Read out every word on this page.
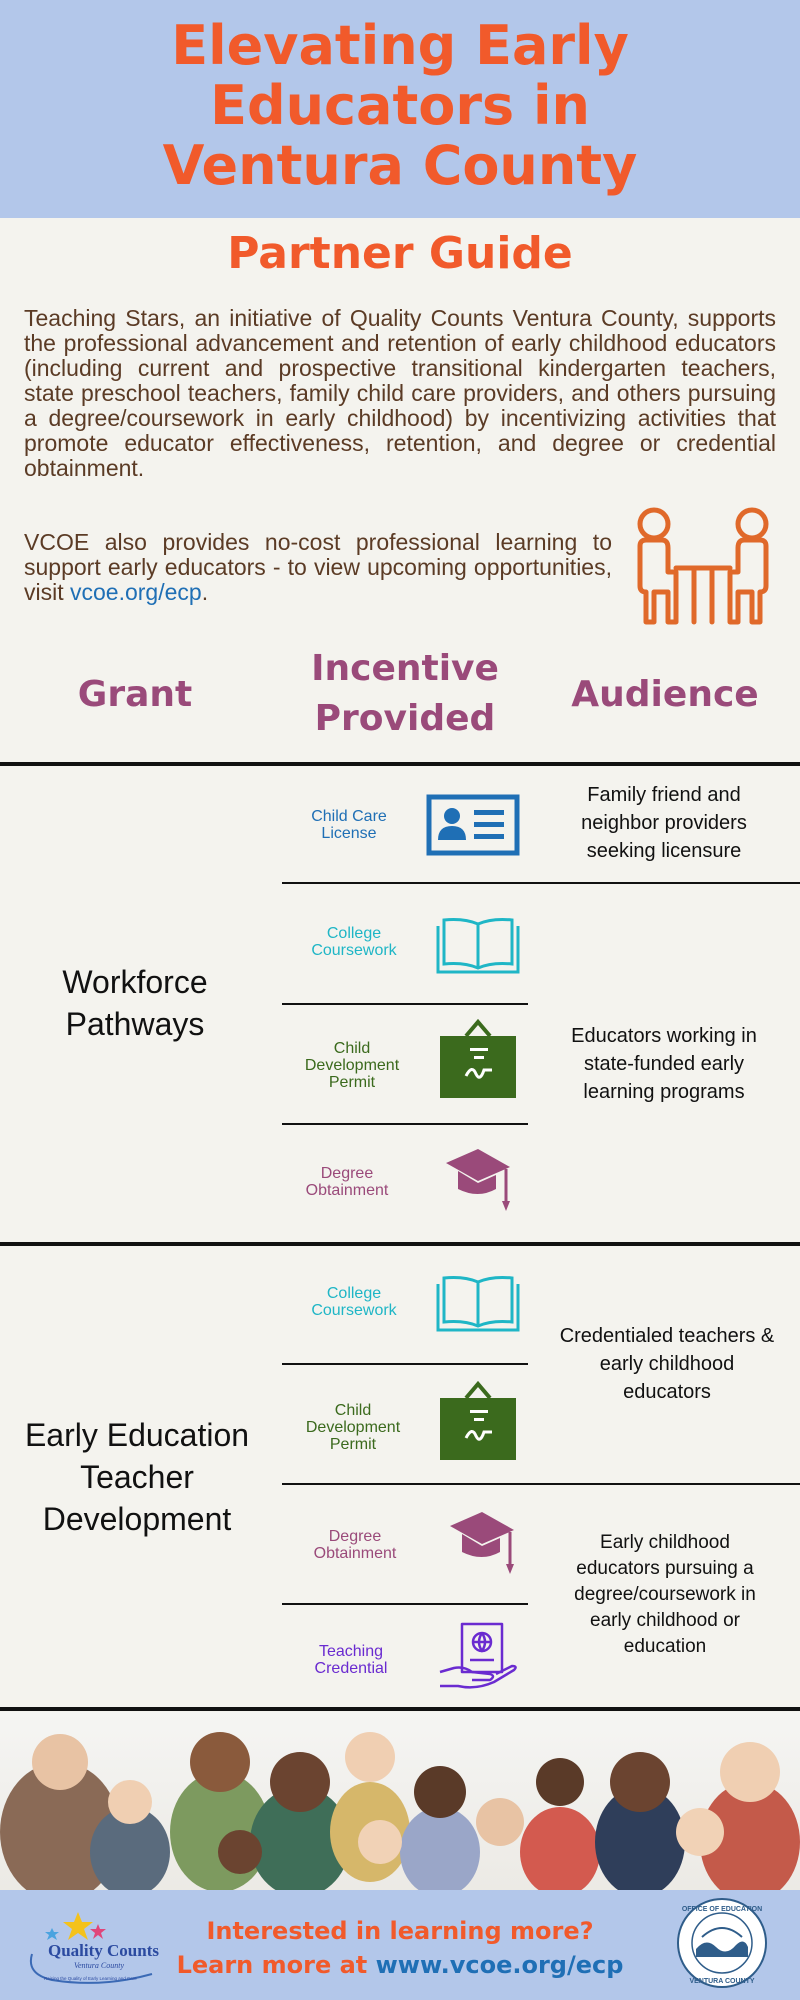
Elevating Early
Educators in
Ventura County
Partner Guide
Teaching Stars, an initiative of Quality Counts Ventura County, supports the professional advancement and retention of early childhood educators (including current and prospective transitional kindergarten teachers, state preschool teachers, family child care providers, and others pursuing a degree/coursework in early childhood) by incentivizing activities that promote educator effectiveness, retention, and degree or credential obtainment.
VCOE also provides no-cost professional learning to support early educators - to view upcoming opportunities, visit vcoe.org/ecp.
Grant
Incentive
Provided
Audience
Workforce
Pathways
Child Care
License
College
Coursework
Child
Development
Permit
Degree
Obtainment
Family friend and
neighbor providers
seeking licensure
Educators working in
state-funded early
learning programs
Early Education
Teacher
Development
College
Coursework
Child
Development
Permit
Degree
Obtainment
Teaching
Credential
Credentialed teachers &
early childhood
educators
Early childhood
educators pursuing a
degree/coursework in
early childhood or
education
Interested in learning more?
Learn more at www.vcoe.org/ecp
Quality Counts
Ventura County
Raising the Quality of Early Learning and Care
OFFICE OF EDUCATION
VENTURA COUNTY
